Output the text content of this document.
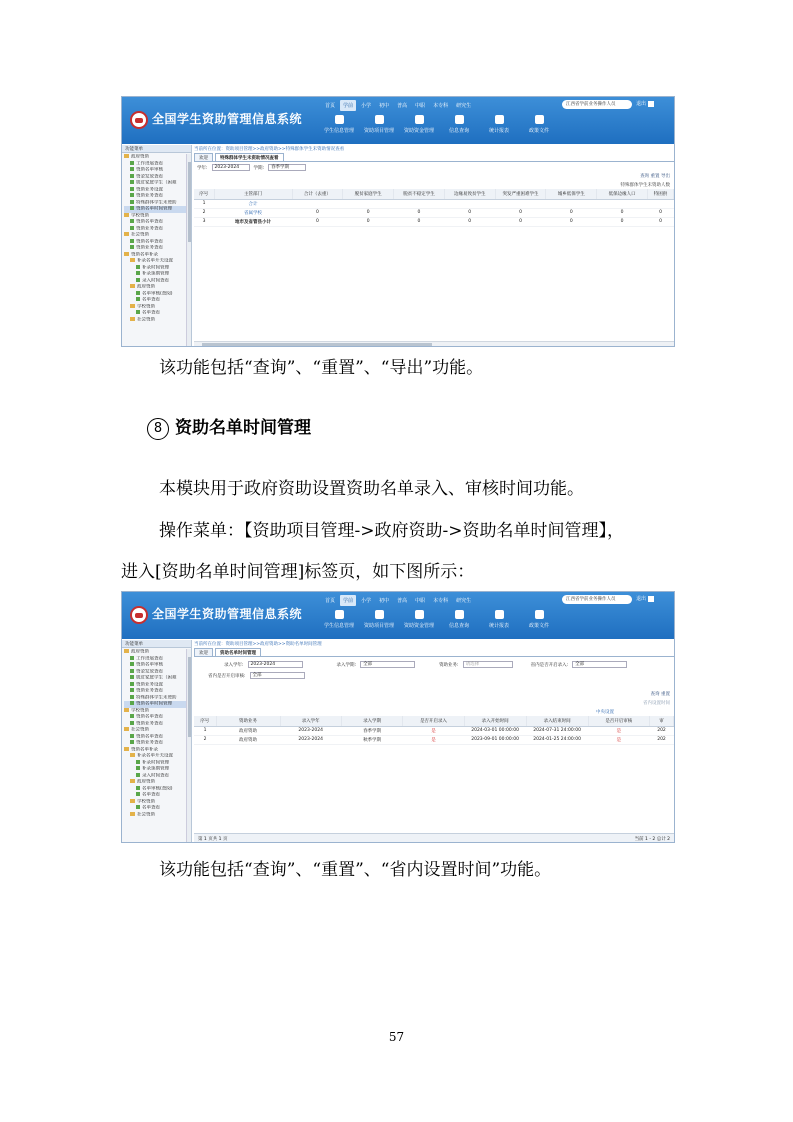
全国学生资助管理信息系统
首页	学前	小学	初中	普高	中职	本专科	研究生	江西省学前业务操作人员	退出
学生信息管理	资助项目管理	资助资金管理	信息查询	统计报表	政策文件
功能菜单
政府资助
工作进展查看
资助名单审核
资金发放查看
脱贫家庭学生（困难
资助业务设置
资助业务查看
特殊群体学生未资助
资助名单时间管理
学校资助
资助名单查看
资助业务查看
社会资助
资助名单查看
资助业务查看
资助名单补录
补录名单开关设置
补录时间管理
补录延期管理
录入时间查看
政府资助
名单审核(查阅)
名单查看
学校资助
名单查看
社会资助
当前所在位置：资助项目管理>>政府资助>>特殊群体学生未资助情况查看
欢迎	特殊群体学生未资助情况查看
学年:	2023-2024	学期:	春季学期
查询 重置 导出
特殊群体学生未资助人数
序号	主管部门	合计（去重）	脱贫家庭学生	脱贫不稳定学生	边缘易致贫学生	突发严重困难学生	城乡低保学生	低保边缘人口	特困供
1	合计								
2	省属学校	0	0	0	0	0	0	0	0
3	地市及省管县小计	0	0	0	0	0	0	0	0
该功能包括“查询”、“重置”、“导出”功能。
8 资助名单时间管理
本模块用于政府资助设置资助名单录入、审核时间功能。
操作菜单：【资助项目管理->政府资助->资助名单时间管理】，
进入[资助名单时间管理]标签页，如下图所示：
全国学生资助管理信息系统
首页	学前	小学	初中	普高	中职	本专科	研究生	江西省学前业务操作人员	退出
学生信息管理	资助项目管理	资助资金管理	信息查询	统计报表	政策文件
功能菜单
政府资助
工作进展查看
资助名单审核
资金发放查看
脱贫家庭学生（困难
资助业务设置
资助业务查看
特殊群体学生未资助
资助名单时间管理
学校资助
资助名单查看
资助业务查看
社会资助
资助名单查看
资助业务查看
资助名单补录
补录名单开关设置
补录时间管理
补录延期管理
录入时间查看
政府资助
名单审核(查阅)
名单查看
学校资助
名单查看
社会资助
当前所在位置：资助项目管理>>政府资助>>资助名单时间管理
欢迎	资助名单时间管理
录入学年:	2023-2024	录入学期:	全部	资助业务:	请选择	省内是否开启录入:	全部
省内是否开启审核:	全部
查询 重置
省内设置时间
中央设置
序号	资助业务	录入学年	录入学期	是否开启录入	录入开始时间	录入结束时间	是否开启审核	审
1	政府资助	2023-2024	春季学期	是	2024-03-01 00:00:00	2024-07-31 24:00:00	是	202
2	政府资助	2023-2024	秋季学期	是	2023-09-01 00:00:00	2024-01-25 24:00:00	是	202
第 1 页共 1 页	当前 1 - 2 总计 2
该功能包括“查询”、“重置”、“省内设置时间”功能。
57
